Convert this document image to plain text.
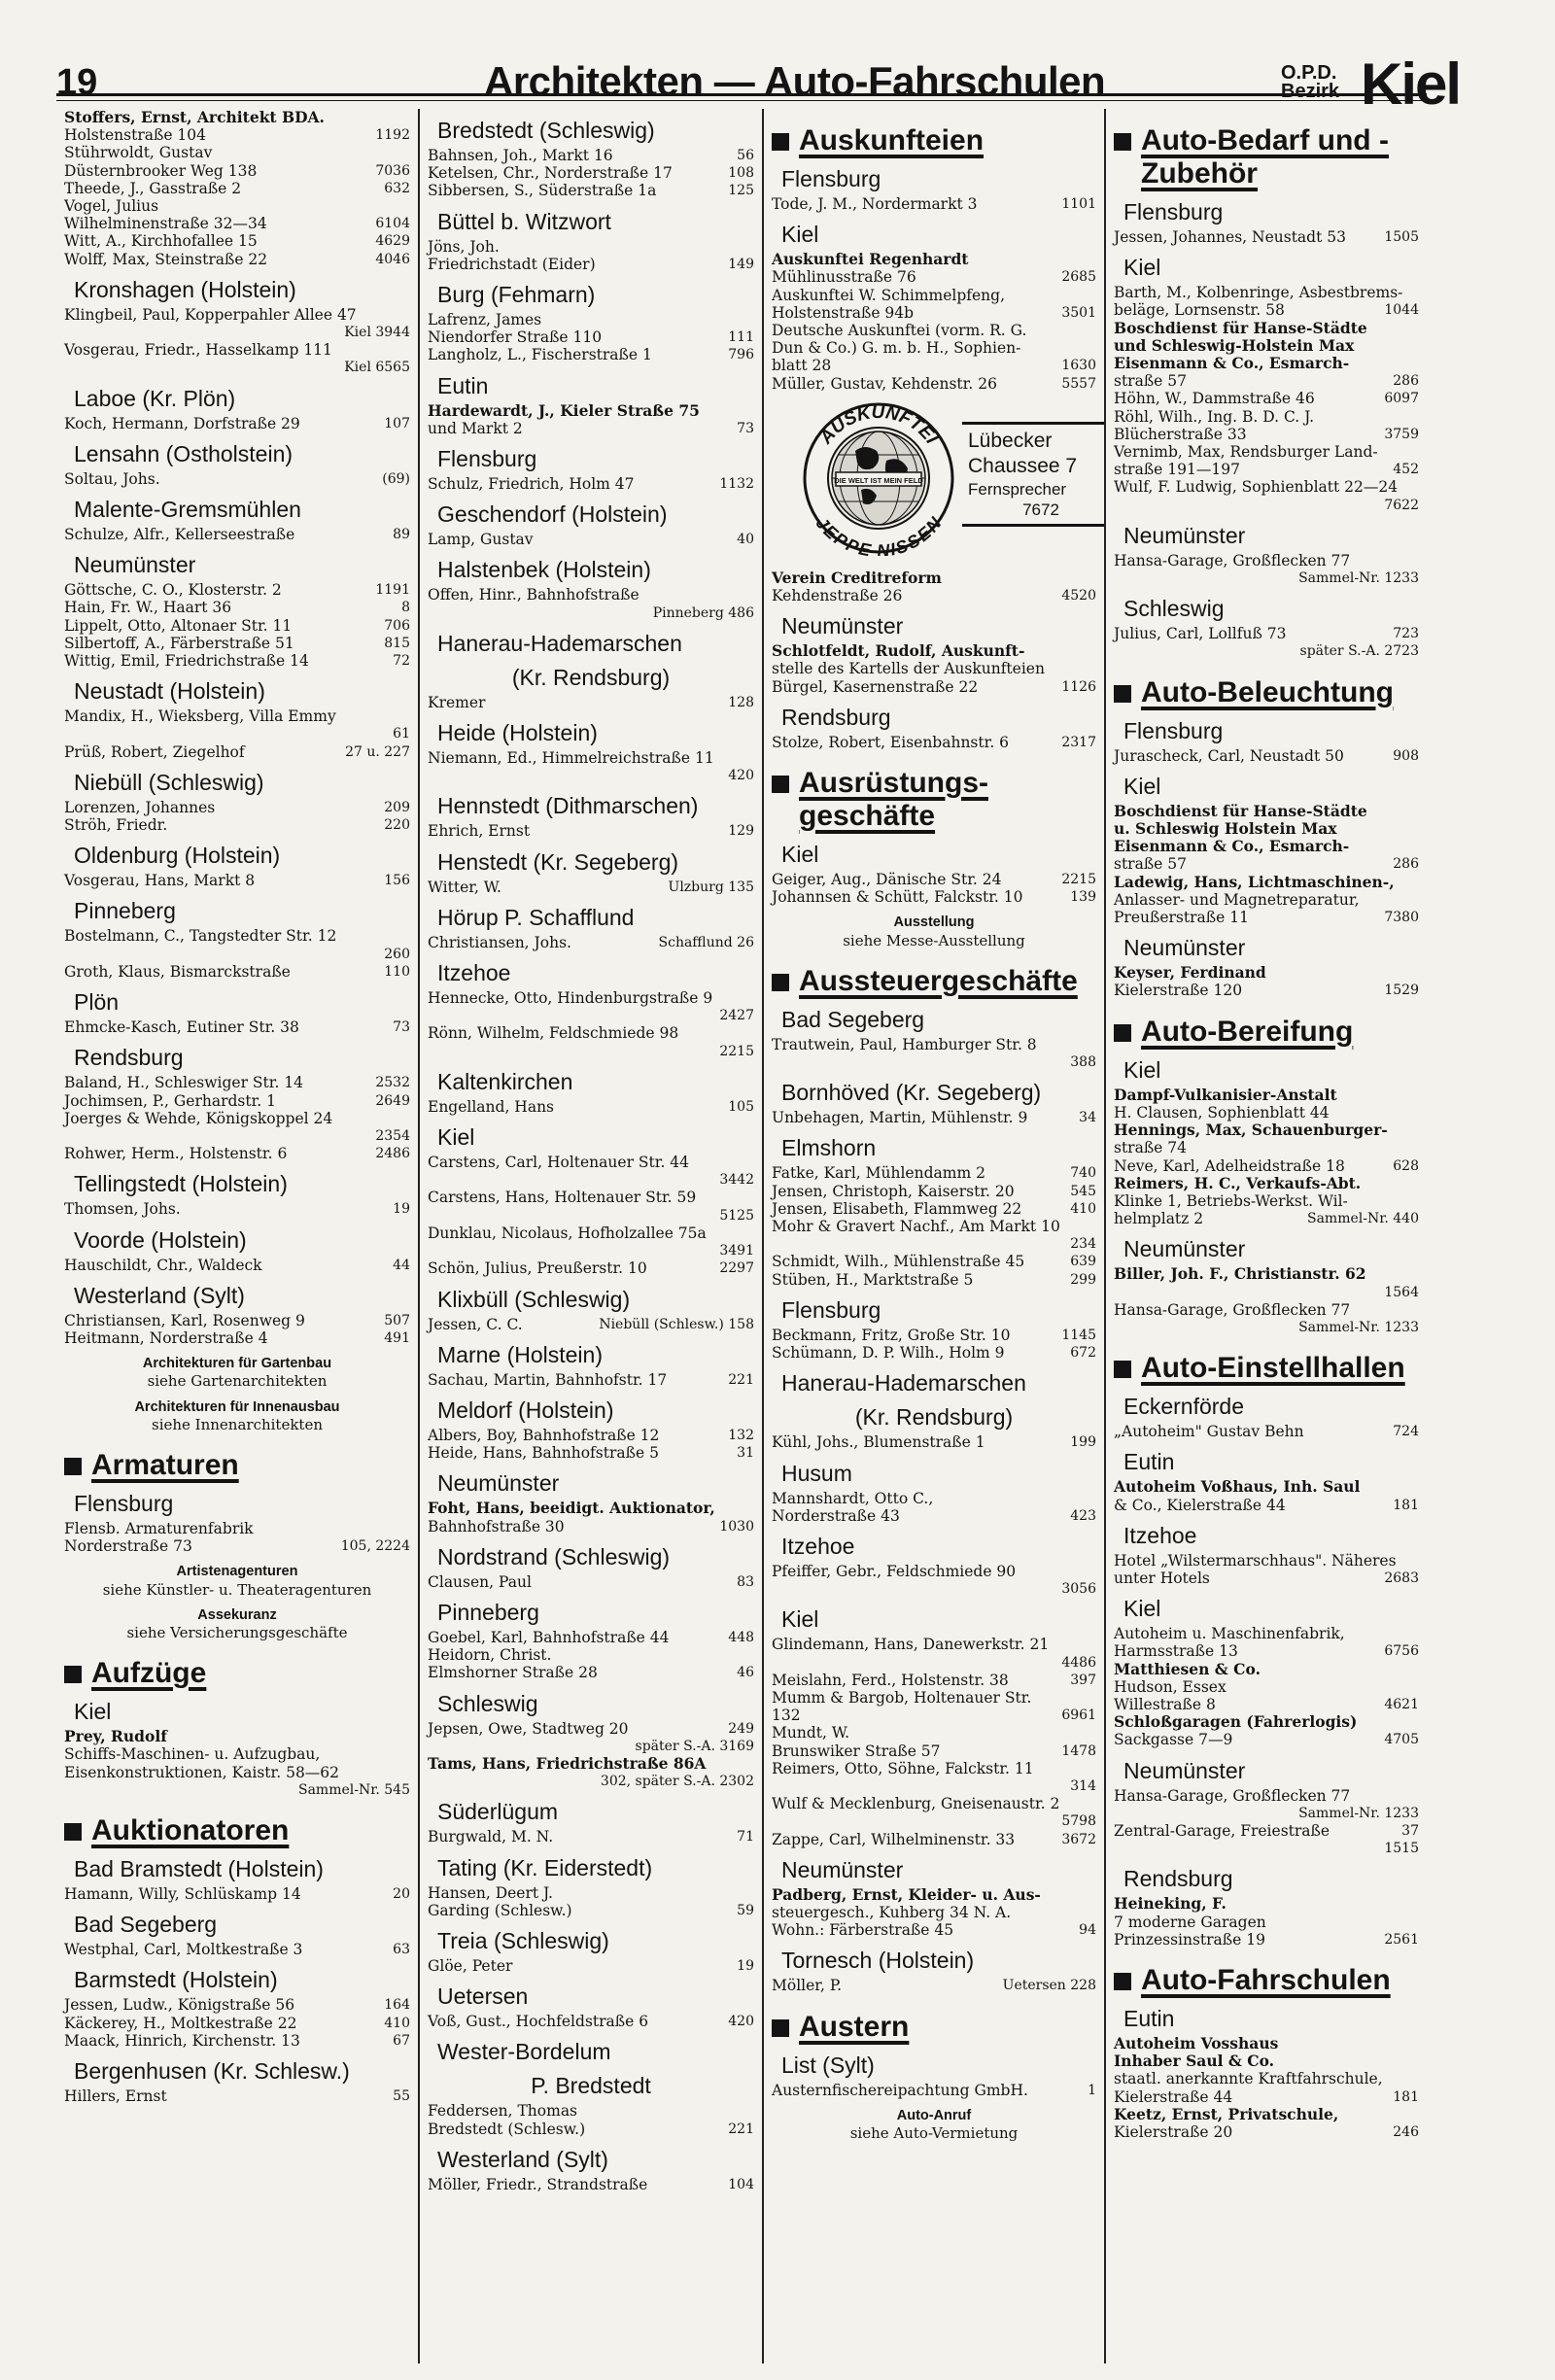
19	Architekten — Auto-Fahrschulen	O.P.D.
Bezirk Kiel
Stoffers, Ernst, Architekt BDA.
Holstenstraße 104	1192
Stührwoldt, Gustav
Düsternbrooker Weg 138	7036
Theede, J., Gasstraße 2	632
Vogel, Julius
Wilhelminenstraße 32—34	6104
Witt, A., Kirchhofallee 15	4629
Wolff, Max, Steinstraße 22	4046
Kronshagen (Holstein)
Klingbeil, Paul, Kopperpahler Allee 47
Kiel 3944
Vosgerau, Friedr., Hasselkamp 111
Kiel 6565
Laboe (Kr. Plön)
Koch, Hermann, Dorfstraße 29	107
Lensahn (Ostholstein)
Soltau, Johs.	(69)
Malente-Gremsmühlen
Schulze, Alfr., Kellerseestraße	89
Neumünster
Göttsche, C. O., Klosterstr. 2	1191
Hain, Fr. W., Haart 36	8
Lippelt, Otto, Altonaer Str. 11	706
Silbertoff, A., Färberstraße 51	815
Wittig, Emil, Friedrichstraße 14	72
Neustadt (Holstein)
Mandix, H., Wieksberg, Villa Emmy
61
Prüß, Robert, Ziegelhof	27 u. 227
Niebüll (Schleswig)
Lorenzen, Johannes	209
Ströh, Friedr.	220
Oldenburg (Holstein)
Vosgerau, Hans, Markt 8	156
Pinneberg
Bostelmann, C., Tangstedter Str. 12
260
Groth, Klaus, Bismarckstraße	110
Plön
Ehmcke-Kasch, Eutiner Str. 38	73
Rendsburg
Baland, H., Schleswiger Str. 14	2532
Jochimsen, P., Gerhardstr. 1	2649
Joerges & Wehde, Königskoppel 24
2354
Rohwer, Herm., Holstenstr. 6	2486
Tellingstedt (Holstein)
Thomsen, Johs.	19
Voorde (Holstein)
Hauschildt, Chr., Waldeck	44
Westerland (Sylt)
Christiansen, Karl, Rosenweg 9	507
Heitmann, Norderstraße 4	491
Architekturen für Gartenbau
siehe Gartenarchitekten
Architekturen für Innenausbau
siehe Innenarchitekten
Armaturen
Flensburg
Flensb. Armaturenfabrik
Norderstraße 73	105, 2224
Artistenagenturen
siehe Künstler- u. Theateragenturen
Assekuranz
siehe Versicherungsgeschäfte
Aufzüge
Kiel
Prey, Rudolf
Schiffs-Maschinen- u. Aufzugbau,
Eisenkonstruktionen, Kaistr. 58—62
Sammel-Nr. 545
Auktionatoren
Bad Bramstedt (Holstein)
Hamann, Willy, Schlüskamp 14	20
Bad Segeberg
Westphal, Carl, Moltkestraße 3	63
Barmstedt (Holstein)
Jessen, Ludw., Königstraße 56	164
Käckerey, H., Moltkestraße 22	410
Maack, Hinrich, Kirchenstr. 13	67
Bergenhusen (Kr. Schlesw.)
Hillers, Ernst	55
Bredstedt (Schleswig)
Bahnsen, Joh., Markt 16	56
Ketelsen, Chr., Norderstraße 17	108
Sibbersen, S., Süderstraße 1a	125
Büttel b. Witzwort
Jöns, Joh.
Friedrichstadt (Eider)	149
Burg (Fehmarn)
Lafrenz, James
Niendorfer Straße 110	111
Langholz, L., Fischerstraße 1	796
Eutin
Hardewardt, J., Kieler Straße 75
und Markt 2	73
Flensburg
Schulz, Friedrich, Holm 47	1132
Geschendorf (Holstein)
Lamp, Gustav	40
Halstenbek (Holstein)
Offen, Hinr., Bahnhofstraße
Pinneberg 486
Hanerau-Hademarschen
(Kr. Rendsburg)
Kremer	128
Heide (Holstein)
Niemann, Ed., Himmelreichstraße 11
420
Hennstedt (Dithmarschen)
Ehrich, Ernst	129
Henstedt (Kr. Segeberg)
Witter, W.	Ulzburg 135
Hörup P. Schafflund
Christiansen, Johs.	Schafflund 26
Itzehoe
Hennecke, Otto, Hindenburgstraße 9
2427
Rönn, Wilhelm, Feldschmiede 98
2215
Kaltenkirchen
Engelland, Hans	105
Kiel
Carstens, Carl, Holtenauer Str. 44
3442
Carstens, Hans, Holtenauer Str. 59
5125
Dunklau, Nicolaus, Hofholzallee 75a
3491
Schön, Julius, Preußerstr. 10	2297
Klixbüll (Schleswig)
Jessen, C. C.	Niebüll (Schlesw.) 158
Marne (Holstein)
Sachau, Martin, Bahnhofstr. 17	221
Meldorf (Holstein)
Albers, Boy, Bahnhofstraße 12	132
Heide, Hans, Bahnhofstraße 5	31
Neumünster
Foht, Hans, beeidigt. Auktionator,
Bahnhofstraße 30	1030
Nordstrand (Schleswig)
Clausen, Paul	83
Pinneberg
Goebel, Karl, Bahnhofstraße 44	448
Heidorn, Christ.
Elmshorner Straße 28	46
Schleswig
Jepsen, Owe, Stadtweg 20	249
später S.-A. 3169
Tams, Hans, Friedrichstraße 86A
302, später S.-A. 2302
Süderlügum
Burgwald, M. N.	71
Tating (Kr. Eiderstedt)
Hansen, Deert J.
Garding (Schlesw.)	59
Treia (Schleswig)
Glöe, Peter	19
Uetersen
Voß, Gust., Hochfeldstraße 6	420
Wester-Bordelum
P. Bredstedt
Feddersen, Thomas
Bredstedt (Schlesw.)	221
Westerland (Sylt)
Möller, Friedr., Strandstraße	104
Auskunfteien
Flensburg
Tode, J. M., Nordermarkt 3	1101
Kiel
Auskunftei Regenhardt
Mühlinusstraße 76	2685
Auskunftei W. Schimmelpfeng,
Holstenstraße 94b	3501
Deutsche Auskunftei (vorm. R. G.
Dun & Co.) G. m. b. H., Sophien-
blatt 28	1630
Müller, Gustav, Kehdenstr. 26	5557
DIE WELT IST MEIN FELD
AUSKUNFTEI
JEPPE NISSEN
Lübecker
Chaussee 7
Fernsprecher
7672
Verein Creditreform
Kehdenstraße 26	4520
Neumünster
Schlotfeldt, Rudolf, Auskunft-
stelle des Kartells der Auskunfteien
Bürgel, Kasernenstraße 22	1126
Rendsburg
Stolze, Robert, Eisenbahnstr. 6	2317
Ausrüstungs-geschäfte
Kiel
Geiger, Aug., Dänische Str. 24	2215
Johannsen & Schütt, Falckstr. 10	139
Ausstellung
siehe Messe-Ausstellung
Aussteuergeschäfte
Bad Segeberg
Trautwein, Paul, Hamburger Str. 8
388
Bornhöved (Kr. Segeberg)
Unbehagen, Martin, Mühlenstr. 9	34
Elmshorn
Fatke, Karl, Mühlendamm 2	740
Jensen, Christoph, Kaiserstr. 20	545
Jensen, Elisabeth, Flammweg 22	410
Mohr & Gravert Nachf., Am Markt 10
234
Schmidt, Wilh., Mühlenstraße 45	639
Stüben, H., Marktstraße 5	299
Flensburg
Beckmann, Fritz, Große Str. 10	1145
Schümann, D. P. Wilh., Holm 9	672
Hanerau-Hademarschen
(Kr. Rendsburg)
Kühl, Johs., Blumenstraße 1	199
Husum
Mannshardt, Otto C.,
Norderstraße 43	423
Itzehoe
Pfeiffer, Gebr., Feldschmiede 90
3056
Kiel
Glindemann, Hans, Danewerkstr. 21
4486
Meislahn, Ferd., Holstenstr. 38	397
Mumm & Bargob, Holtenauer Str.
132	6961
Mundt, W.
Brunswiker Straße 57	1478
Reimers, Otto, Söhne, Falckstr. 11
314
Wulf & Mecklenburg, Gneisenaustr. 2
5798
Zappe, Carl, Wilhelminenstr. 33	3672
Neumünster
Padberg, Ernst, Kleider- u. Aus-
steuergesch., Kuhberg 34 N. A.
Wohn.: Färberstraße 45	94
Tornesch (Holstein)
Möller, P.	Uetersen 228
Austern
List (Sylt)
Austernfischereipachtung GmbH.	1
Auto-Anruf
siehe Auto-Vermietung
Auto-Bedarf und -Zubehör
Flensburg
Jessen, Johannes, Neustadt 53	1505
Kiel
Barth, M., Kolbenringe, Asbestbrems-
beläge, Lornsenstr. 58	1044
Boschdienst für Hanse-Städte
und Schleswig-Holstein Max
Eisenmann & Co., Esmarch-
straße 57	286
Höhn, W., Dammstraße 46	6097
Röhl, Wilh., Ing. B. D. C. J.
Blücherstraße 33	3759
Vernimb, Max, Rendsburger Land-
straße 191—197	452
Wulf, F. Ludwig, Sophienblatt 22—24
7622
Neumünster
Hansa-Garage, Großflecken 77
Sammel-Nr. 1233
Schleswig
Julius, Carl, Lollfuß 73	723
später S.-A. 2723
Auto-Beleuchtung
Flensburg
Jurascheck, Carl, Neustadt 50	908
Kiel
Boschdienst für Hanse-Städte
u. Schleswig Holstein Max
Eisenmann & Co., Esmarch-
straße 57	286
Ladewig, Hans, Lichtmaschinen-,
Anlasser- und Magnetreparatur,
Preußerstraße 11	7380
Neumünster
Keyser, Ferdinand
Kielerstraße 120	1529
Auto-Bereifung
Kiel
Dampf-Vulkanisier-Anstalt
H. Clausen, Sophienblatt 44
Hennings, Max, Schauenburger-
straße 74
Neve, Karl, Adelheidstraße 18	628
Reimers, H. C., Verkaufs-Abt.
Klinke 1, Betriebs-Werkst. Wil-
helmplatz 2	Sammel-Nr. 440
Neumünster
Biller, Joh. F., Christianstr. 62
1564
Hansa-Garage, Großflecken 77
Sammel-Nr. 1233
Auto-Einstellhallen
Eckernförde
„Autoheim" Gustav Behn	724
Eutin
Autoheim Voßhaus, Inh. Saul
& Co., Kielerstraße 44	181
Itzehoe
Hotel „Wilstermarschhaus". Näheres
unter Hotels	2683
Kiel
Autoheim u. Maschinenfabrik,
Harmsstraße 13	6756
Matthiesen & Co.
Hudson, Essex
Willestraße 8	4621
Schloßgaragen (Fahrerlogis)
Sackgasse 7—9	4705
Neumünster
Hansa-Garage, Großflecken 77
Sammel-Nr. 1233
Zentral-Garage, Freiestraße	37
1515
Rendsburg
Heineking, F.
7 moderne Garagen
Prinzessinstraße 19	2561
Auto-Fahrschulen
Eutin
Autoheim Vosshaus
Inhaber Saul & Co.
staatl. anerkannte Kraftfahrschule,
Kielerstraße 44	181
Keetz, Ernst, Privatschule,
Kielerstraße 20	246
